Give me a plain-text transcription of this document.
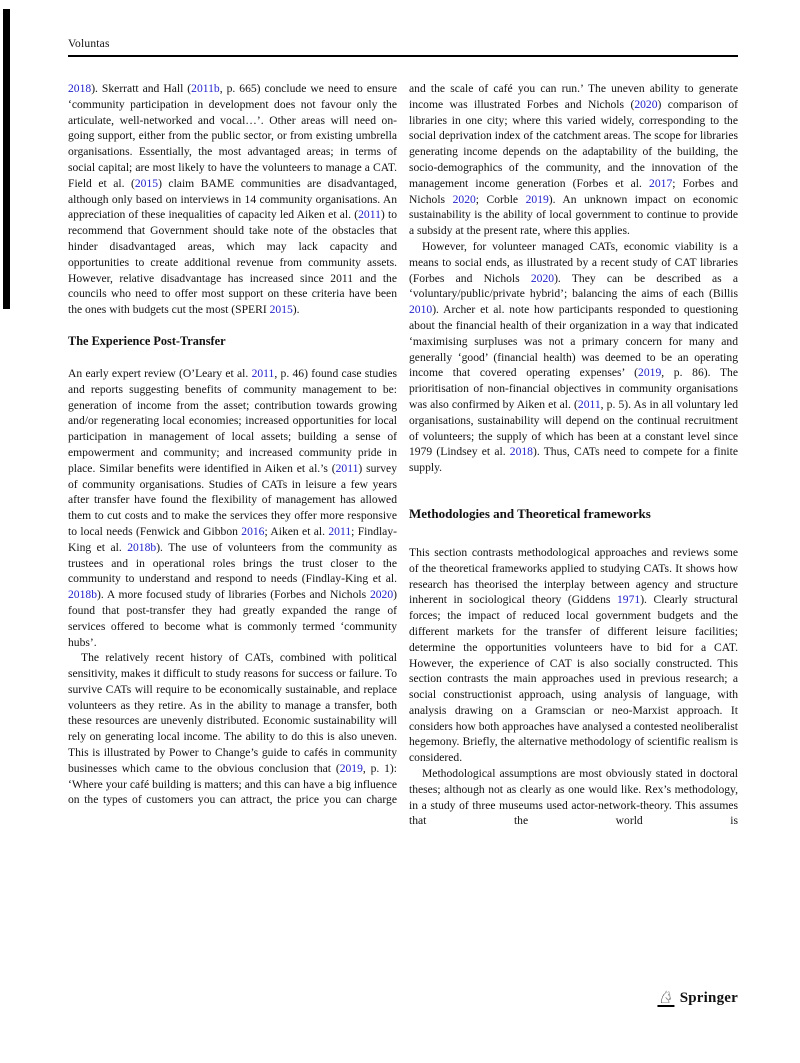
Voluntas

2018). Skerratt and Hall (2011b, p. 665) conclude we need to ensure ‘community participation in development does not favour only the articulate, well-networked and vocal…’. Other areas will need on-going support, either from the public sector, or from existing umbrella organisations. Essentially, the most advantaged areas; in terms of social capital; are most likely to have the volunteers to manage a CAT. Field et al. (2015) claim BAME communities are disadvantaged, although only based on interviews in 14 community organisations. An appreciation of these inequalities of capacity led Aiken et al. (2011) to recommend that Government should take note of the obstacles that hinder disadvantaged areas, which may lack capacity and opportunities to create additional revenue from community assets. However, relative disadvantage has increased since 2011 and the councils who need to offer most support on these criteria have been the ones with budgets cut the most (SPERI 2015).

The Experience Post-Transfer

An early expert review (O’Leary et al. 2011, p. 46) found case studies and reports suggesting benefits of community management to be: generation of income from the asset; contribution towards growing and/or regenerating local economies; increased opportunities for local participation in management of local assets; building a sense of empowerment and community; and increased community pride in place. Similar benefits were identified in Aiken et al.’s (2011) survey of community organisations. Studies of CATs in leisure a few years after transfer have found the flexibility of management has allowed them to cut costs and to make the services they offer more responsive to local needs (Fenwick and Gibbon 2016; Aiken et al. 2011; Findlay-King et al. 2018b). The use of volunteers from the community as trustees and in operational roles brings the trust closer to the community to understand and respond to needs (Findlay-King et al. 2018b). A more focused study of libraries (Forbes and Nichols 2020) found that post-transfer they had greatly expanded the range of services offered to become what is commonly termed ‘community hubs’.

The relatively recent history of CATs, combined with political sensitivity, makes it difficult to study reasons for success or failure. To survive CATs will require to be economically sustainable, and replace volunteers as they retire. As in the ability to manage a transfer, both these resources are unevenly distributed. Economic sustainability will rely on generating local income. The ability to do this is also uneven. This is illustrated by Power to Change’s guide to cafés in community businesses which came to the obvious conclusion that (2019, p. 1): ‘Where your café building is matters; and this can have a big influence on the types of customers you can attract, the price you can charge

and the scale of café you can run.’ The uneven ability to generate income was illustrated Forbes and Nichols (2020) comparison of libraries in one city; where this varied widely, corresponding to the social deprivation index of the catchment areas. The scope for libraries generating income depends on the adaptability of the building, the socio-demographics of the community, and the innovation of the management income generation (Forbes et al. 2017; Forbes and Nichols 2020; Corble 2019). An unknown impact on economic sustainability is the ability of local government to continue to provide a subsidy at the present rate, where this applies.

However, for volunteer managed CATs, economic viability is a means to social ends, as illustrated by a recent study of CAT libraries (Forbes and Nichols 2020). They can be described as a ‘voluntary/public/private hybrid’; balancing the aims of each (Billis 2010). Archer et al. note how participants responded to questioning about the financial health of their organization in a way that indicated ‘maximising surpluses was not a primary concern for many and generally ‘good’ (financial health) was deemed to be an operating income that covered operating expenses’ (2019, p. 86). The prioritisation of non-financial objectives in community organisations was also confirmed by Aiken et al. (2011, p. 5). As in all voluntary led organisations, sustainability will depend on the continual recruitment of volunteers; the supply of which has been at a constant level since 1979 (Lindsey et al. 2018). Thus, CATs need to compete for a finite supply.

Methodologies and Theoretical frameworks

This section contrasts methodological approaches and reviews some of the theoretical frameworks applied to studying CATs. It shows how research has theorised the interplay between agency and structure inherent in sociological theory (Giddens 1971). Clearly structural forces; the impact of reduced local government budgets and the different markets for the transfer of different leisure facilities; determine the opportunities volunteers have to bid for a CAT. However, the experience of CAT is also socially constructed. This section contrasts the main approaches used in previous research; a social constructionist approach, using analysis of language, with analysis drawing on a Gramscian or neo-Marxist approach. It considers how both approaches have analysed a contested neoliberalist hegemony. Briefly, the alternative methodology of scientific realism is considered.

Methodological assumptions are most obviously stated in doctoral theses; although not as clearly as one would like. Rex’s methodology, in a study of three museums used actor-network-theory. This assumes that the world is

♘ Springer
